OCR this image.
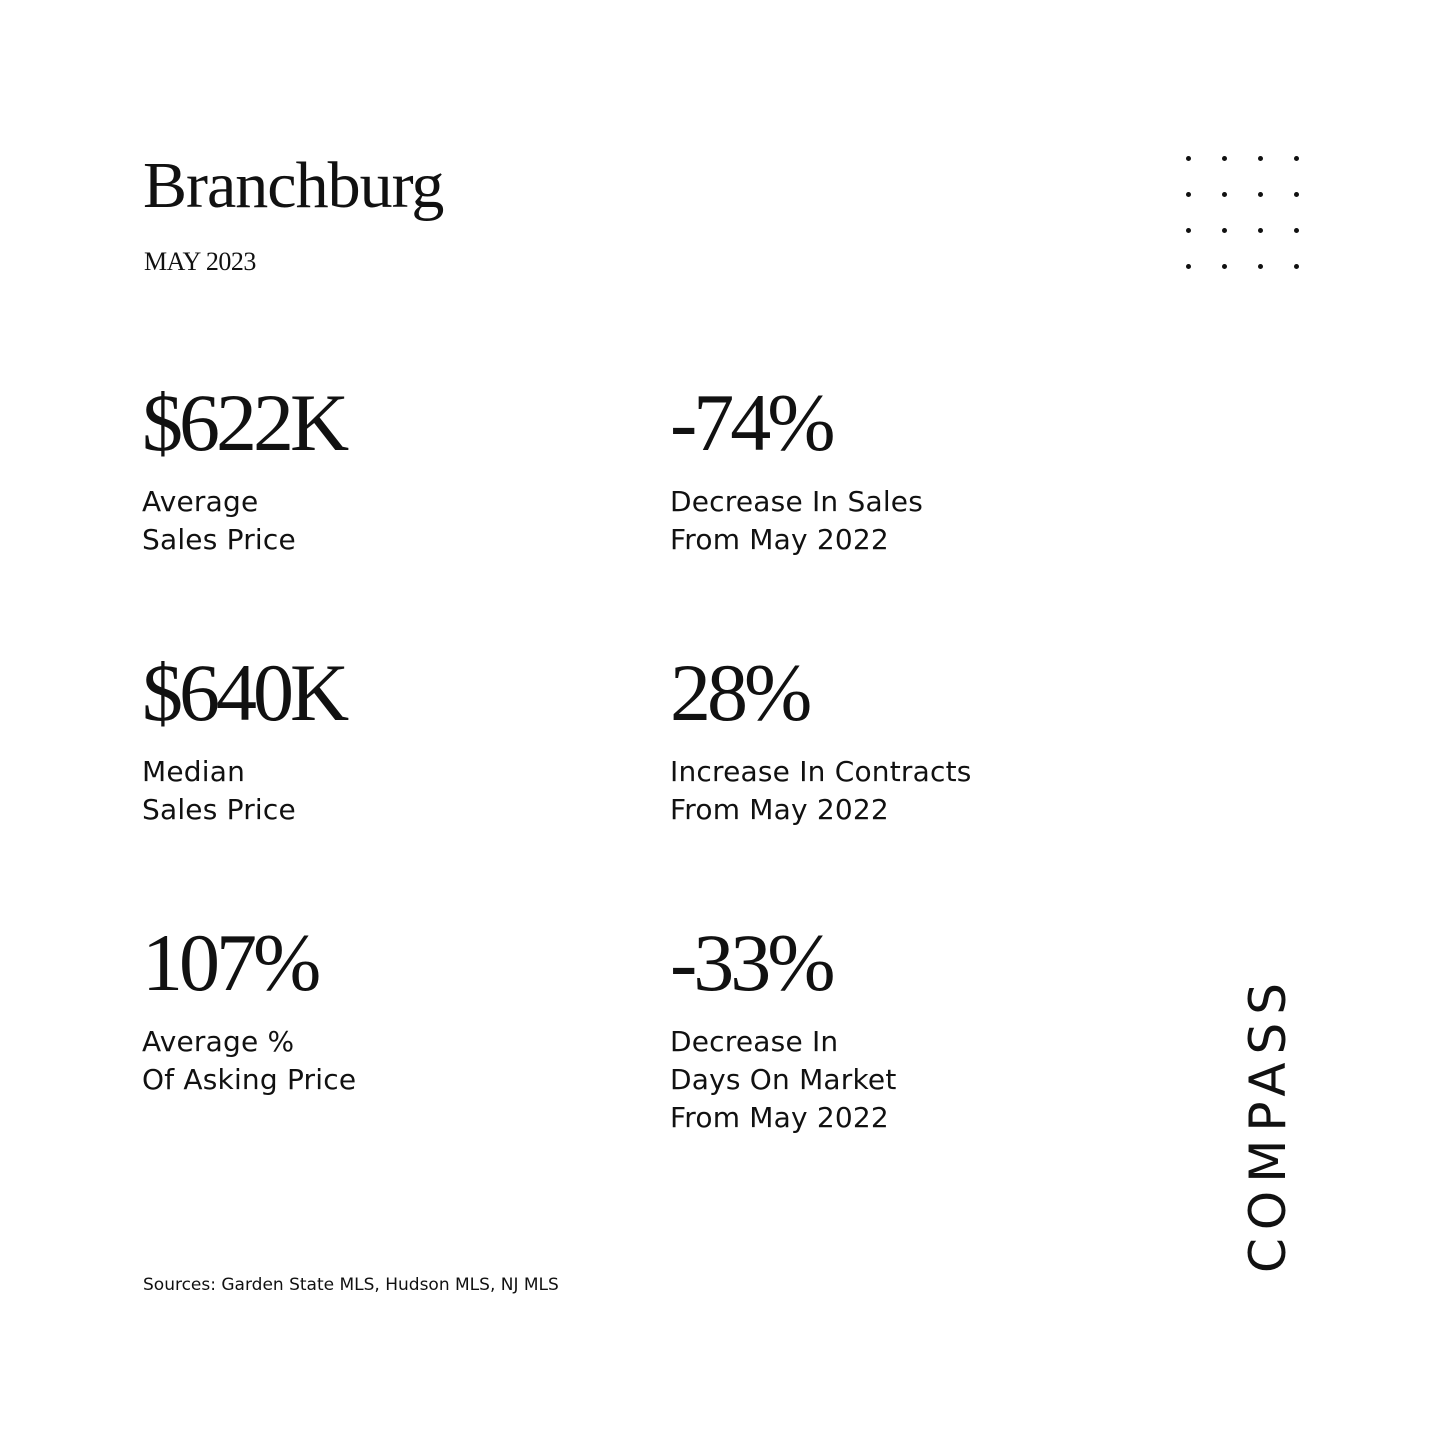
Branchburg
MAY 2023
$622K
Average
Sales Price
-74%
Decrease In Sales
From May 2022
$640K
Median
Sales Price
28%
Increase In Contracts
From May 2022
107%
Average %
Of Asking Price
-33%
Decrease In
Days On Market
From May 2022
Sources: Garden State MLS, Hudson MLS, NJ MLS
COMPASS
